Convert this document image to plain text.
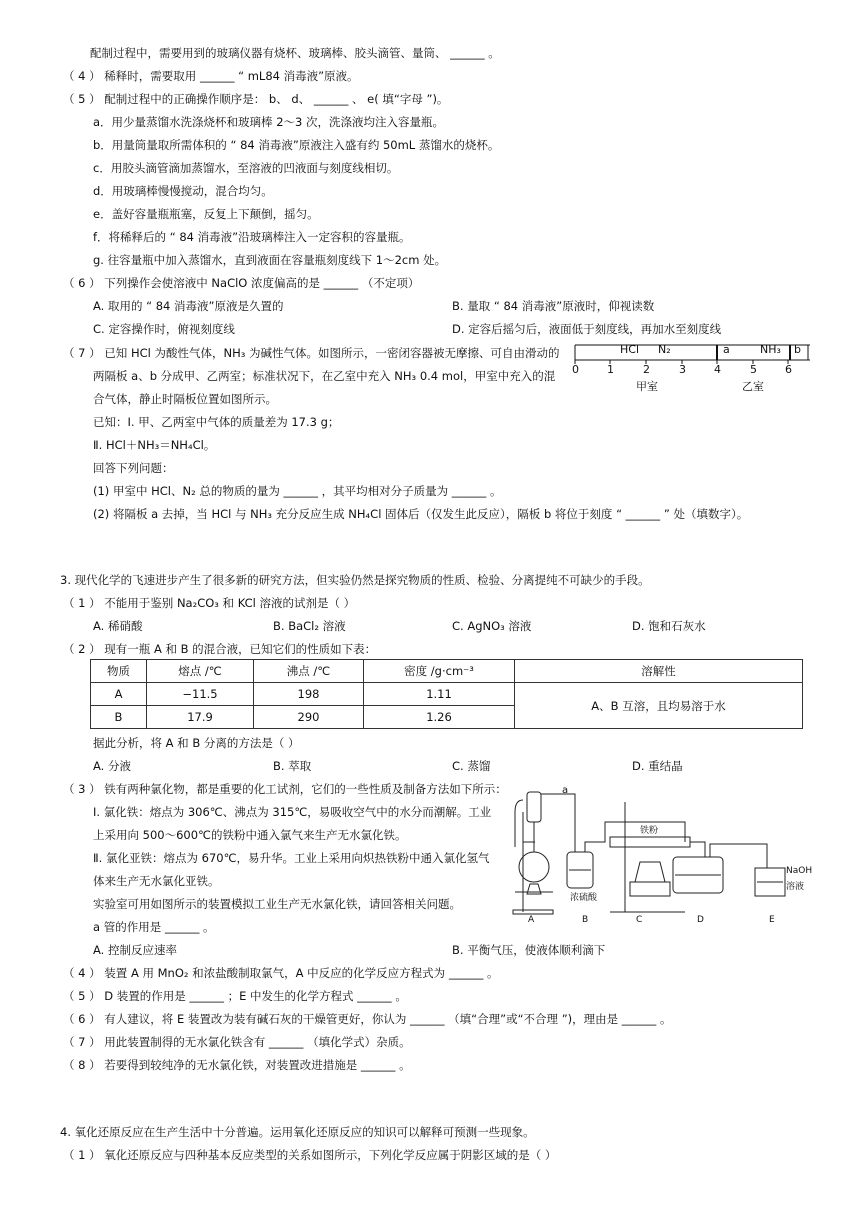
配制过程中，需要用到的玻璃仪器有烧杯、玻璃棒、胶头滴管、量筒、 ______ 。
（ 4 ） 稀释时，需要取用 ______ “ mL84 消毒液”原液。
（ 5 ） 配制过程中的正确操作顺序是： b、 d、 ______ 、 e( 填“字母 ”)。
a．用少量蒸馏水洗涤烧杯和玻璃棒 2～3 次，洗涤液均注入容量瓶。
b．用量筒量取所需体积的 “ 84 消毒液”原液注入盛有约 50mL 蒸馏水的烧杯。
c．用胶头滴管滴加蒸馏水，至溶液的凹液面与刻度线相切。
d．用玻璃棒慢慢搅动，混合均匀。
e．盖好容量瓶瓶塞，反复上下颠倒，摇匀。
f．将稀释后的 “ 84 消毒液”沿玻璃棒注入一定容积的容量瓶。
g. 往容量瓶中加入蒸馏水，直到液面在容量瓶刻度线下 1～2cm 处。
（ 6 ） 下列操作会使溶液中 NaClO 浓度偏高的是 ______ （不定项）
A. 取用的 “ 84 消毒液”原液是久置的	B. 量取 “ 84 消毒液”原液时，仰视读数
C. 定容操作时，俯视刻度线	D. 定容后摇匀后，液面低于刻度线，再加水至刻度线
（ 7 ） 已知 HCl 为酸性气体，NH₃ 为碱性气体。如图所示，一密闭容器被无摩擦、可自由滑动的
两隔板 a、b 分成甲、乙两室；标准状况下，在乙室中充入 NH₃ 0.4 mol，甲室中充入的混
合气体，静止时隔板位置如图所示。
已知：Ⅰ. 甲、乙两室中气体的质量差为 17.3 g；
Ⅱ. HCl＋NH₃＝NH₄Cl。
回答下列问题：
(1) 甲室中 HCl、N₂ 总的物质的量为 ______ ，其平均相对分子质量为 ______ 。
(2) 将隔板 a 去掉，当 HCl 与 NH₃ 充分反应生成 NH₄Cl 固体后（仅发生此反应），隔板 b 将位于刻度 “ ______ ” 处（填数字）。
HCl N₂	a	NH₃ b
0	1	2	3	4	5	6
甲室	乙室
3. 现代化学的飞速进步产生了很多新的研究方法，但实验仍然是探究物质的性质、检验、分离提纯不可缺少的手段。
（ 1 ） 不能用于鉴别 Na₂CO₃ 和 KCl 溶液的试剂是（ ）
A. 稀硝酸	B. BaCl₂ 溶液	C. AgNO₃ 溶液	D. 饱和石灰水
（ 2 ） 现有一瓶 A 和 B 的混合液，已知它们的性质如下表：
物质	熔点 /℃	沸点 /℃	密度 /g·cm⁻³	溶解性
A	−11.5	198	1.11	A、B 互溶，且均易溶于水
B	17.9	290	1.26	
据此分析，将 A 和 B 分离的方法是（ ）
A. 分液	B. 萃取	C. 蒸馏	D. 重结晶
（ 3 ） 铁有两种氯化物，都是重要的化工试剂，它们的一些性质及制备方法如下所示：
Ⅰ. 氯化铁：熔点为 306℃、沸点为 315℃，易吸收空气中的水分而潮解。工业
上采用向 500～600℃的铁粉中通入氯气来生产无水氯化铁。
Ⅱ. 氯化亚铁：熔点为 670℃，易升华。工业上采用向炽热铁粉中通入氯化氢气
体来生产无水氯化亚铁。
实验室可用如图所示的装置模拟工业生产无水氯化铁，请回答相关问题。
a 管的作用是 ______ 。
A. 控制反应速率	B. 平衡气压，使液体顺利滴下
a
铁粉
浓硫酸
NaOH
溶液
A	B	C	D	E
（ 4 ） 装置 A 用 MnO₂ 和浓盐酸制取氯气，A 中反应的化学反应方程式为 ______ 。
（ 5 ） D 装置的作用是 ______ ；E 中发生的化学方程式 ______ 。
（ 6 ） 有人建议，将 E 装置改为装有碱石灰的干燥管更好，你认为 ______ （填“合理”或“不合理 ”)，理由是 ______ 。
（ 7 ） 用此装置制得的无水氯化铁含有 ______ （填化学式）杂质。
（ 8 ） 若要得到较纯净的无水氯化铁，对装置改进措施是 ______ 。
4. 氧化还原反应在生产生活中十分普遍。运用氧化还原反应的知识可以解释可预测一些现象。
（ 1 ） 氧化还原反应与四种基本反应类型的关系如图所示，下列化学反应属于阴影区域的是（ ）
